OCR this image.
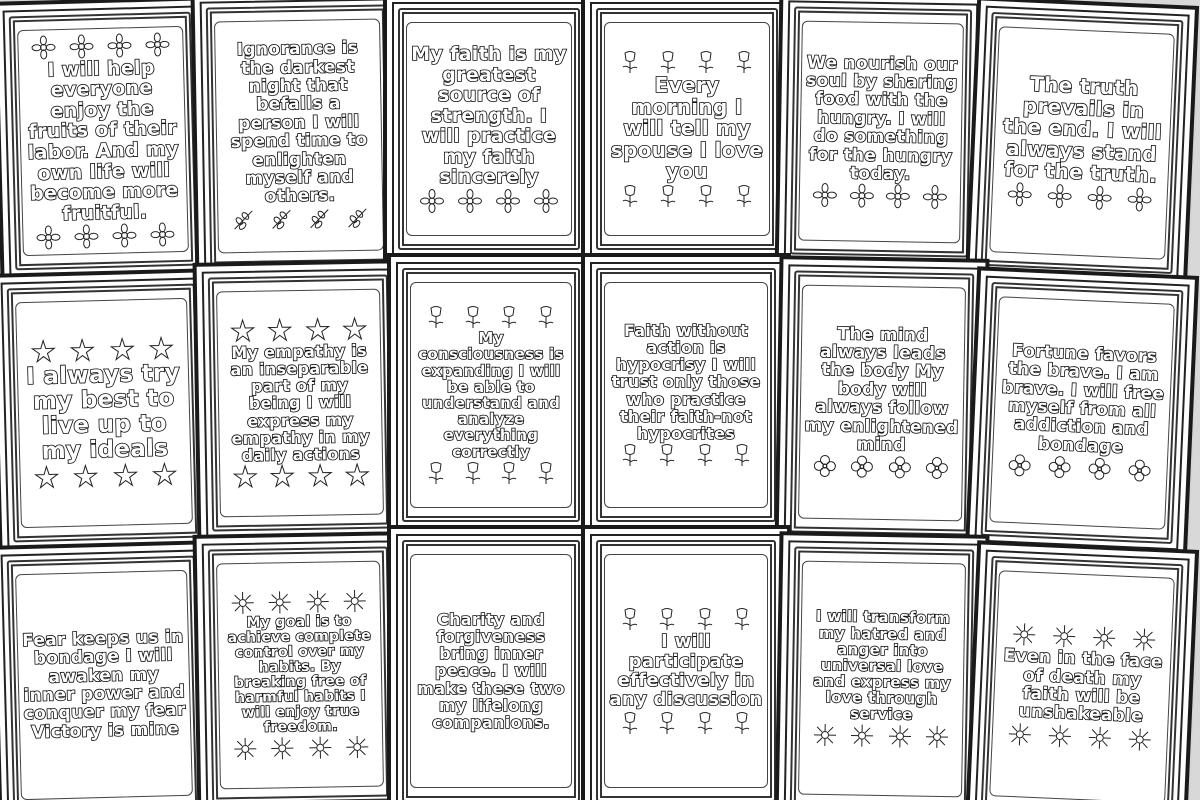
I will help everyone enjoy the fruits of their labor. And my own life will become more fruitful.

Ignorance is the darkest night that befalls a person I will spend time to enlighten myself and others.

My faith is my greatest source of strength. I will practice my faith sincerely

Every morning I will tell my spouse I love you

We nourish our soul by sharing food with the hungry. I will do something for the hungry today.

The truth prevails in the end. I will always stand for the truth.

I always try my best to live up to my ideals

My empathy is an inseparable part of my being I will express my empathy in my daily actions

My consciousness is expanding I will be able to understand and analyze everything correctly

Faith without action is hypocrisy I will trust only those who practice their faith-not hypocrites

The mind always leads the body My body will always follow my enlightened mind

Fortune favors the brave. I am brave. I will free myself from all addiction and bondage

Fear keeps us in bondage I will awaken my inner power and conquer my fear Victory is mine

My goal is to achieve complete control over my habits. By breaking free of harmful habits I will enjoy true freedom.

Charity and forgiveness bring inner peace. I will make these two my lifelong companions.

I will participate effectively in any discussion

I will transform my hatred and anger into universal love and express my love through service

Even in the face of death my faith will be unshakeable
